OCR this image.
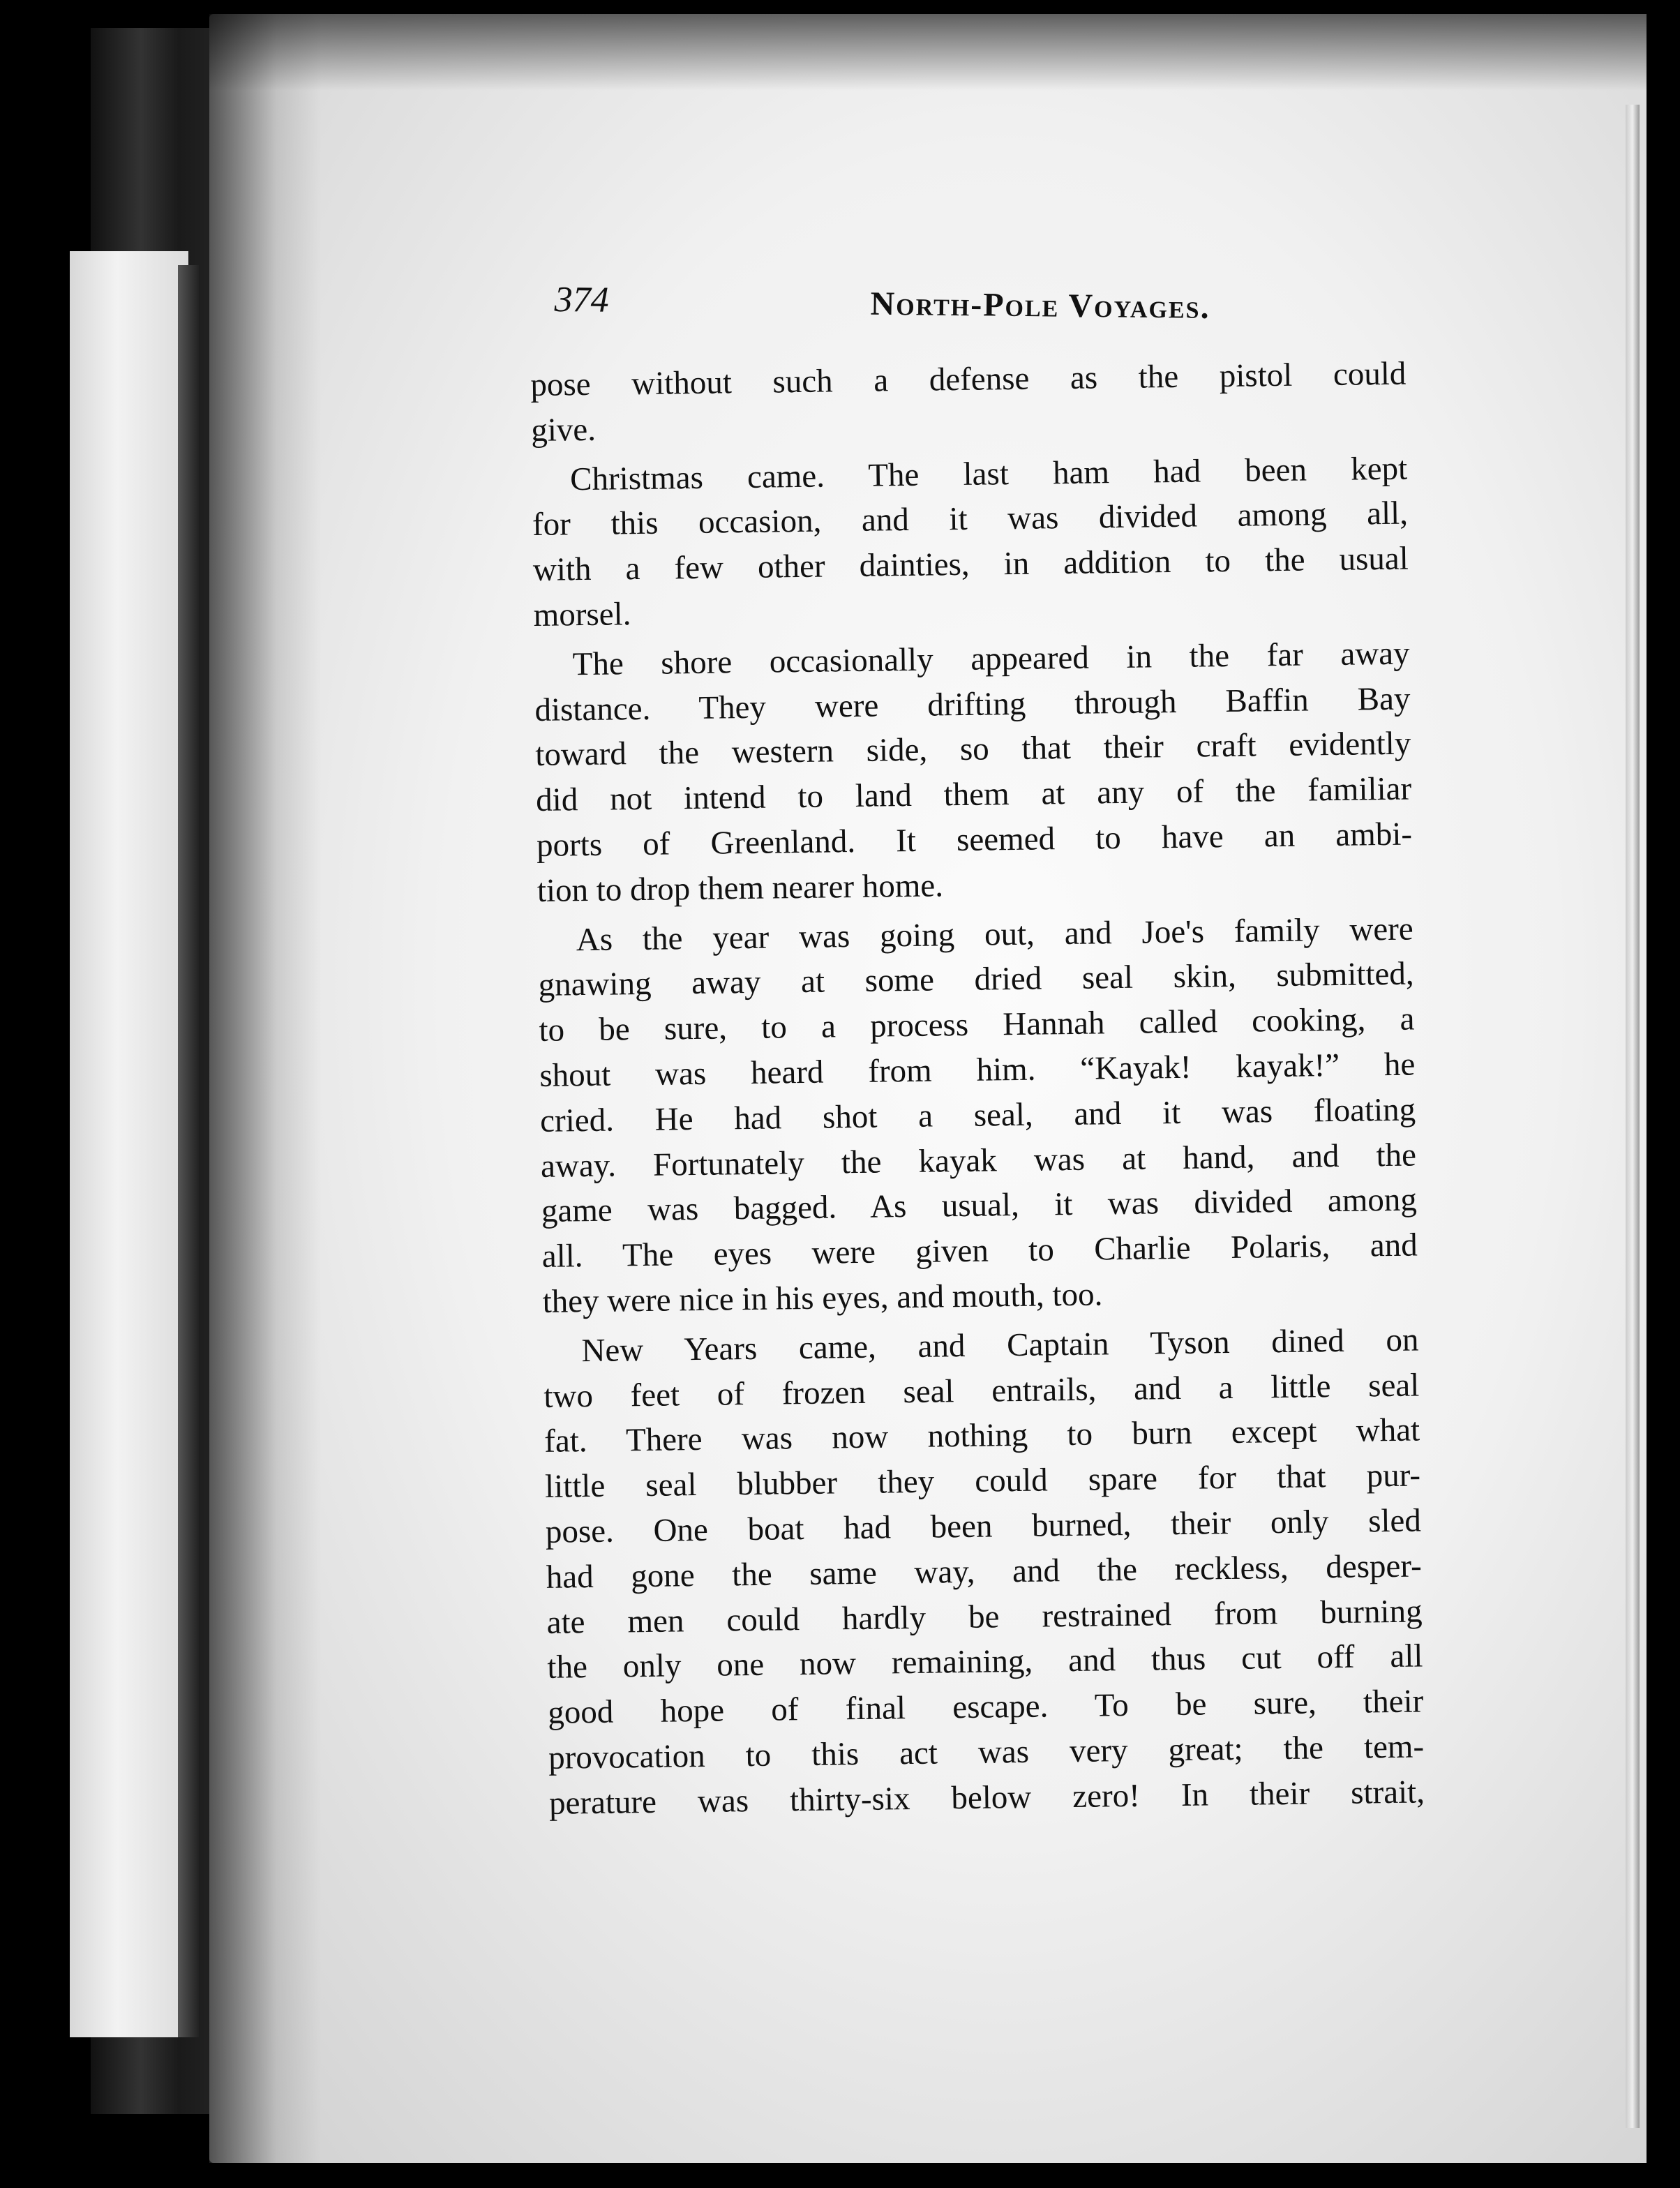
374	North-Pole Voyages.
pose without such a defense as the pistol could
give.
Christmas came. The last ham had been kept
for this occasion, and it was divided among all,
with a few other dainties, in addition to the usual
morsel.
The shore occasionally appeared in the far away
distance. They were drifting through Baffin Bay
toward the western side, so that their craft evidently
did not intend to land them at any of the familiar
ports of Greenland. It seemed to have an ambi-
tion to drop them nearer home.
As the year was going out, and Joe's family were
gnawing away at some dried seal skin, submitted,
to be sure, to a process Hannah called cooking, a
shout was heard from him. “Kayak! kayak!” he
cried. He had shot a seal, and it was floating
away. Fortunately the kayak was at hand, and the
game was bagged. As usual, it was divided among
all. The eyes were given to Charlie Polaris, and
they were nice in his eyes, and mouth, too.
New Years came, and Captain Tyson dined on
two feet of frozen seal entrails, and a little seal
fat. There was now nothing to burn except what
little seal blubber they could spare for that pur-
pose. One boat had been burned, their only sled
had gone the same way, and the reckless, desper-
ate men could hardly be restrained from burning
the only one now remaining, and thus cut off all
good hope of final escape. To be sure, their
provocation to this act was very great; the tem-
perature was thirty-six below zero! In their strait,
